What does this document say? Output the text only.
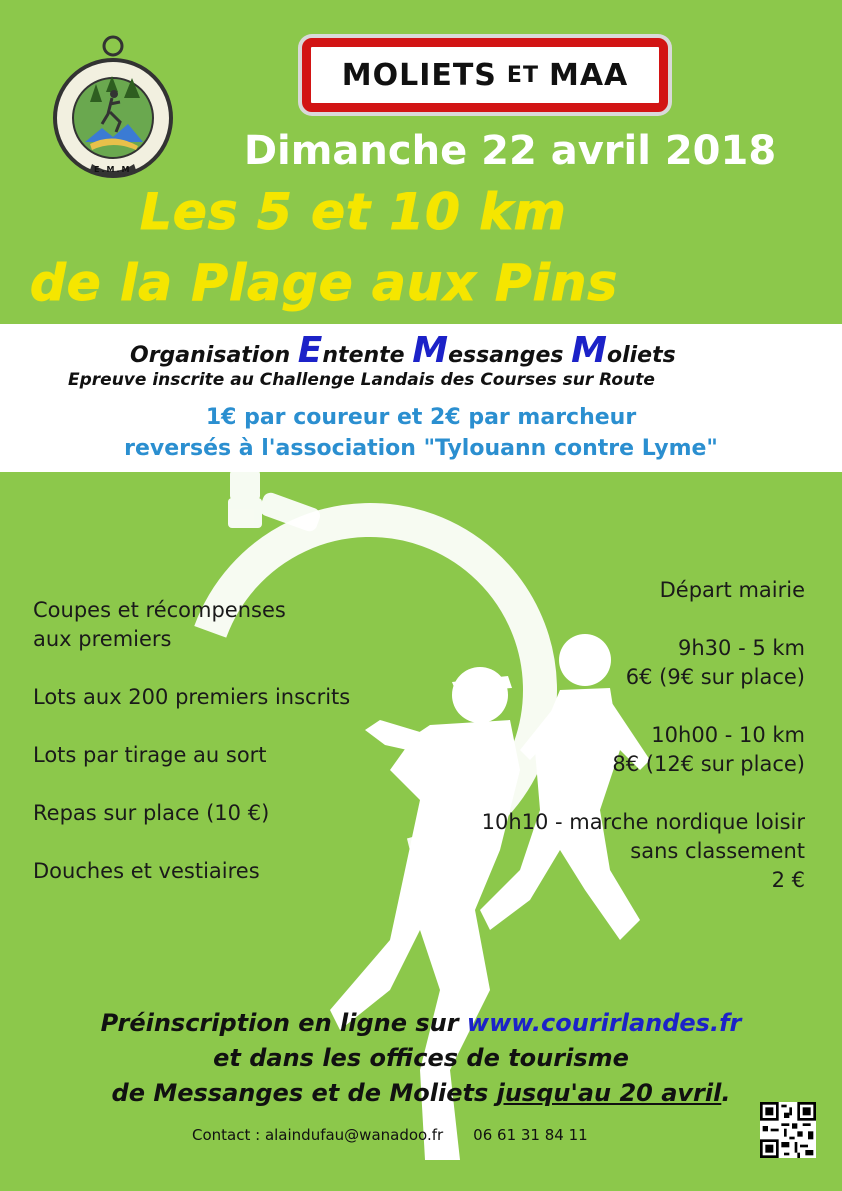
E.M.M
MOLIETS ET MAA
Dimanche 22 avril 2018
Les 5 et 10 km
de la Plage aux Pins
Organisation Entente Messanges Moliets
Epreuve inscrite au Challenge Landais des Courses sur Route
1€ par coureur et 2€ par marcheur
reversés à l'association "Tylouann contre Lyme"
Coupes et récompenses
aux premiers
Lots aux 200 premiers inscrits
Lots par tirage au sort
Repas sur place (10 €)
Douches et vestiaires
Départ mairie
9h30 - 5 km
6€ (9€ sur place)
10h00 - 10 km
8€ (12€ sur place)
10h10 - marche nordique loisir
sans classement
2 €
Préinscription en ligne sur www.courirlandes.fr
et dans les offices de tourisme
de Messanges et de Moliets jusqu'au 20 avril.
Contact : alaindufau@wanadoo.fr 06 61 31 84 11
